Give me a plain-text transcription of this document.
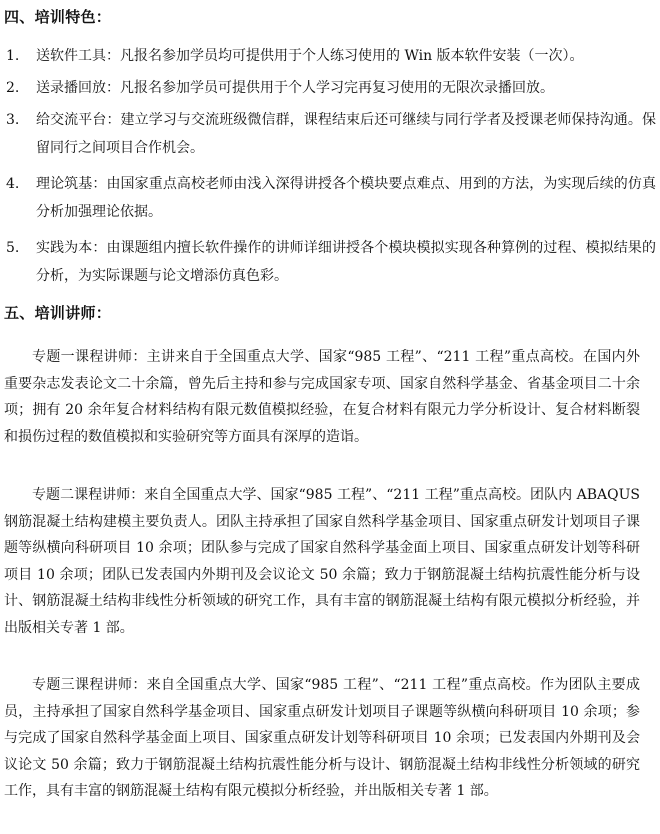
四、培训特色：
1.	送软件工具：凡报名参加学员均可提供用于个人练习使用的 Win 版本软件安装（一次）。
2.	送录播回放：凡报名参加学员可提供用于个人学习完再复习使用的无限次录播回放。
3.	给交流平台：建立学习与交流班级微信群，课程结束后还可继续与同行学者及授课老师保持沟通。保留同行之间项目合作机会。
4.	理论筑基：由国家重点高校老师由浅入深得讲授各个模块要点难点、用到的方法，为实现后续的仿真分析加强理论依据。
5.	实践为本：由课题组内擅长软件操作的讲师详细讲授各个模块模拟实现各种算例的过程、模拟结果的分析，为实际课题与论文增添仿真色彩。
五、培训讲师：
专题一课程讲师：主讲来自于全国重点大学、国家“985 工程”、“211 工程”重点高校。在国内外重要杂志发表论文二十余篇，曾先后主持和参与完成国家专项、国家自然科学基金、省基金项目二十余项；拥有 20 余年复合材料结构有限元数值模拟经验，在复合材料有限元力学分析设计、复合材料断裂和损伤过程的数值模拟和实验研究等方面具有深厚的造诣。
专题二课程讲师：来自全国重点大学、国家“985 工程”、“211 工程”重点高校。团队内 ABAQUS 钢筋混凝土结构建模主要负责人。团队主持承担了国家自然科学基金项目、国家重点研发计划项目子课题等纵横向科研项目 10 余项；团队参与完成了国家自然科学基金面上项目、国家重点研发计划等科研项目 10 余项；团队已发表国内外期刊及会议论文 50 余篇；致力于钢筋混凝土结构抗震性能分析与设计、钢筋混凝土结构非线性分析领域的研究工作，具有丰富的钢筋混凝土结构有限元模拟分析经验，并出版相关专著 1 部。
专题三课程讲师：来自全国重点大学、国家“985 工程”、“211 工程”重点高校。作为团队主要成员，主持承担了国家自然科学基金项目、国家重点研发计划项目子课题等纵横向科研项目 10 余项；参与完成了国家自然科学基金面上项目、国家重点研发计划等科研项目 10 余项；已发表国内外期刊及会议论文 50 余篇；致力于钢筋混凝土结构抗震性能分析与设计、钢筋混凝土结构非线性分析领域的研究工作，具有丰富的钢筋混凝土结构有限元模拟分析经验，并出版相关专著 1 部。
